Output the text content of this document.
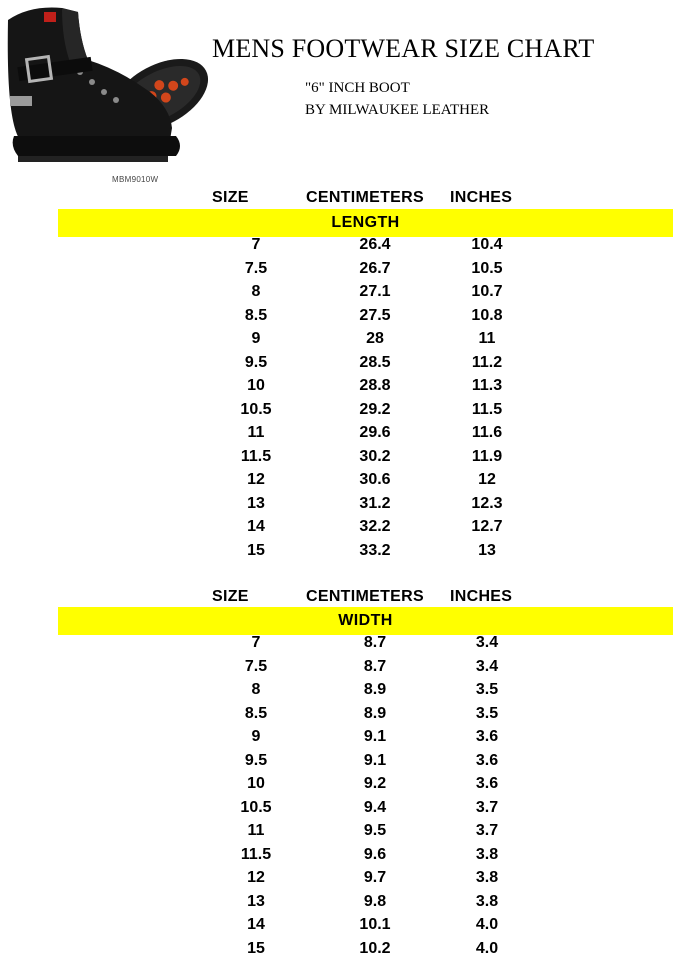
MBM9010W
MENS FOOTWEAR SIZE CHART
"6" INCH BOOT
BY MILWAUKEE LEATHER
SIZE	CENTIMETERS INCHES
LENGTH
7	26.4	10.4
7.5	26.7	10.5
8	27.1	10.7
8.5	27.5	10.8
9	28	11
9.5	28.5	11.2
10	28.8	11.3
10.5	29.2	11.5
11	29.6	11.6
11.5	30.2	11.9
12	30.6	12
13	31.2	12.3
14	32.2	12.7
15	33.2	13
SIZE	CENTIMETERS INCHES
WIDTH
7	8.7	3.4
7.5	8.7	3.4
8	8.9	3.5
8.5	8.9	3.5
9	9.1	3.6
9.5	9.1	3.6
10	9.2	3.6
10.5	9.4	3.7
11	9.5	3.7
11.5	9.6	3.8
12	9.7	3.8
13	9.8	3.8
14	10.1	4.0
15	10.2	4.0
